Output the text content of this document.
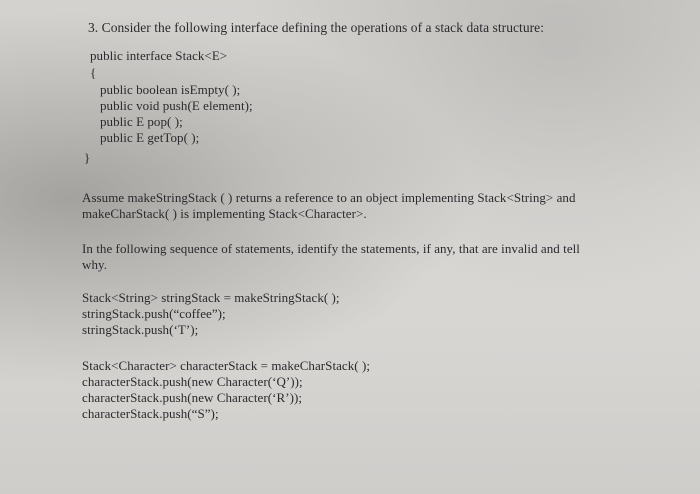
3. Consider the following interface defining the operations of a stack data structure:
public interface Stack<E>
{
public boolean isEmpty( );
public void push(E element);
public E pop( );
public E getTop( );
}
Assume makeStringStack ( ) returns a reference to an object implementing Stack<String> and
makeCharStack( ) is implementing Stack<Character>.
In the following sequence of statements, identify the statements, if any, that are invalid and tell
why.
Stack<String> stringStack = makeStringStack( );
stringStack.push(“coffee”);
stringStack.push(‘T’);
Stack<Character> characterStack = makeCharStack( );
characterStack.push(new Character(‘Q’));
characterStack.push(new Character(‘R’));
characterStack.push(“S”);
